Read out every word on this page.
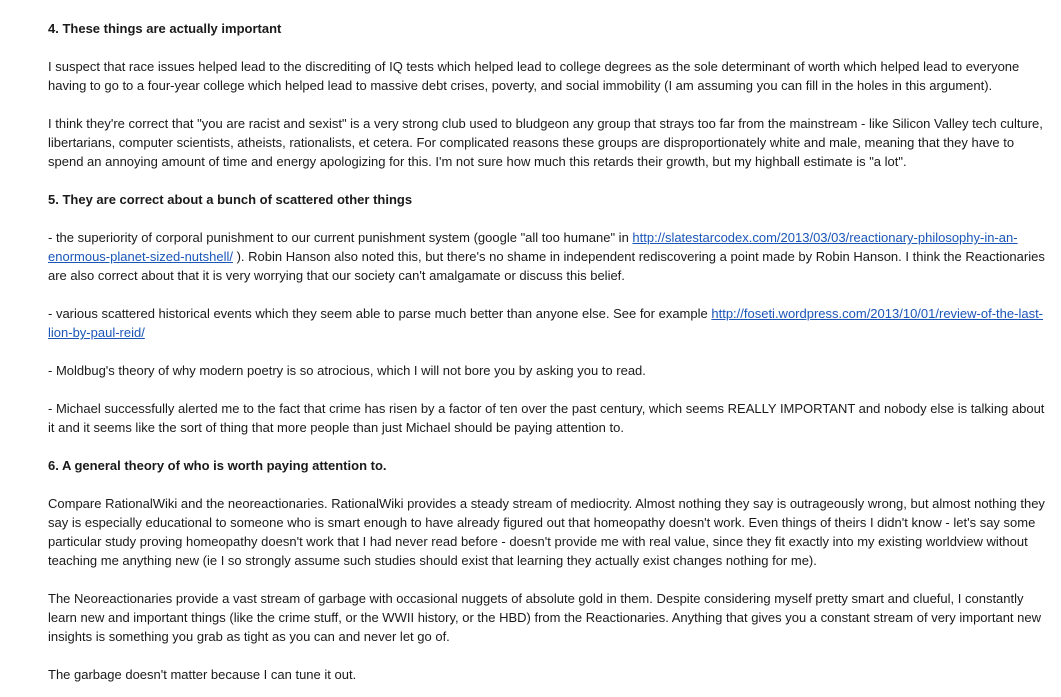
4. These things are actually important

I suspect that race issues helped lead to the discrediting of IQ tests which helped lead to college degrees as the sole determinant of worth which helped lead to everyone having to go to a four-year college which helped lead to massive debt crises, poverty, and social immobility (I am assuming you can fill in the holes in this argument).

I think they're correct that "you are racist and sexist" is a very strong club used to bludgeon any group that strays too far from the mainstream - like Silicon Valley tech culture, libertarians, computer scientists, atheists, rationalists, et cetera. For complicated reasons these groups are disproportionately white and male, meaning that they have to spend an annoying amount of time and energy apologizing for this. I'm not sure how much this retards their growth, but my highball estimate is "a lot".

5. They are correct about a bunch of scattered other things

- the superiority of corporal punishment to our current punishment system (google "all too humane" in http://slatestarcodex.com/2013/03/03/reactionary-philosophy-in-an-enormous-planet-sized-nutshell/ ). Robin Hanson also noted this, but there's no shame in independent rediscovering a point made by Robin Hanson. I think the Reactionaries are also correct about that it is very worrying that our society can't amalgamate or discuss this belief.

- various scattered historical events which they seem able to parse much better than anyone else. See for example http://foseti.wordpress.com/2013/10/01/review-of-the-last-lion-by-paul-reid/

- Moldbug's theory of why modern poetry is so atrocious, which I will not bore you by asking you to read.

- Michael successfully alerted me to the fact that crime has risen by a factor of ten over the past century, which seems REALLY IMPORTANT and nobody else is talking about it and it seems like the sort of thing that more people than just Michael should be paying attention to.

6. A general theory of who is worth paying attention to.

Compare RationalWiki and the neoreactionaries. RationalWiki provides a steady stream of mediocrity. Almost nothing they say is outrageously wrong, but almost nothing they say is especially educational to someone who is smart enough to have already figured out that homeopathy doesn't work. Even things of theirs I didn't know - let's say some particular study proving homeopathy doesn't work that I had never read before - doesn't provide me with real value, since they fit exactly into my existing worldview without teaching me anything new (ie I so strongly assume such studies should exist that learning they actually exist changes nothing for me).

The Neoreactionaries provide a vast stream of garbage with occasional nuggets of absolute gold in them. Despite considering myself pretty smart and clueful, I constantly learn new and important things (like the crime stuff, or the WWII history, or the HBD) from the Reactionaries. Anything that gives you a constant stream of very important new insights is something you grab as tight as you can and never let go of.

The garbage doesn't matter because I can tune it out.
